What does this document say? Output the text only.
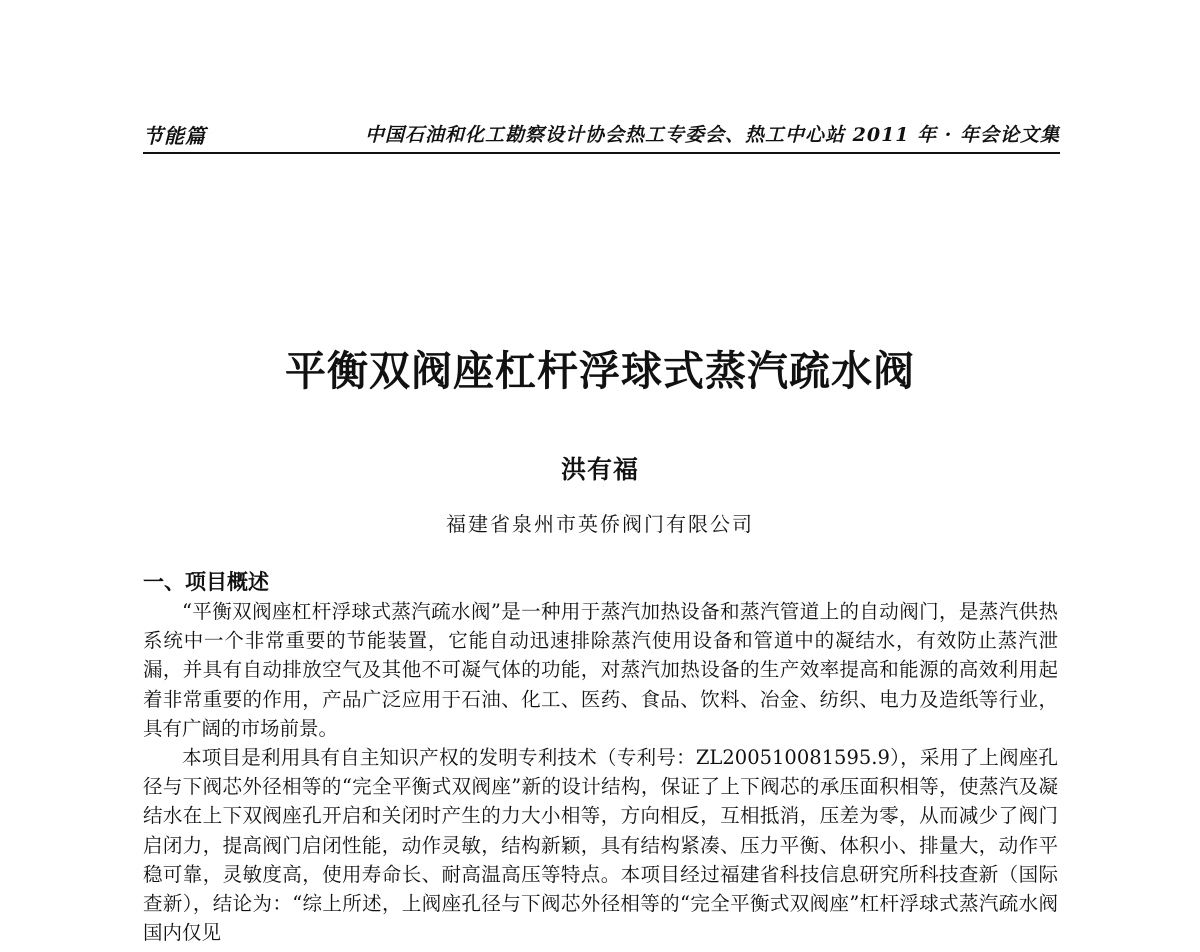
节能篇	中国石油和化工勘察设计协会热工专委会、热工中心站 2011 年 · 年会论文集
平衡双阀座杠杆浮球式蒸汽疏水阀
洪有福
福建省泉州市英侨阀门有限公司
一、项目概述

“平衡双阀座杠杆浮球式蒸汽疏水阀”是一种用于蒸汽加热设备和蒸汽管道上的自动阀门，是蒸汽供热系统中一个非常重要的节能装置，它能自动迅速排除蒸汽使用设备和管道中的凝结水，有效防止蒸汽泄漏，并具有自动排放空气及其他不可凝气体的功能，对蒸汽加热设备的生产效率提高和能源的高效利用起着非常重要的作用，产品广泛应用于石油、化工、医药、食品、饮料、冶金、纺织、电力及造纸等行业，具有广阔的市场前景。

本项目是利用具有自主知识产权的发明专利技术（专利号：ZL200510081595.9），采用了上阀座孔径与下阀芯外径相等的“完全平衡式双阀座”新的设计结构，保证了上下阀芯的承压面积相等，使蒸汽及凝结水在上下双阀座孔开启和关闭时产生的力大小相等，方向相反，互相抵消，压差为零，从而减少了阀门启闭力，提高阀门启闭性能，动作灵敏，结构新颖，具有结构紧凑、压力平衡、体积小、排量大，动作平稳可靠，灵敏度高，使用寿命长、耐高温高压等特点。本项目经过福建省科技信息研究所科技查新（国际查新），结论为：“综上所述，上阀座孔径与下阀芯外径相等的“完全平衡式双阀座”杠杆浮球式蒸汽疏水阀国内仅见
